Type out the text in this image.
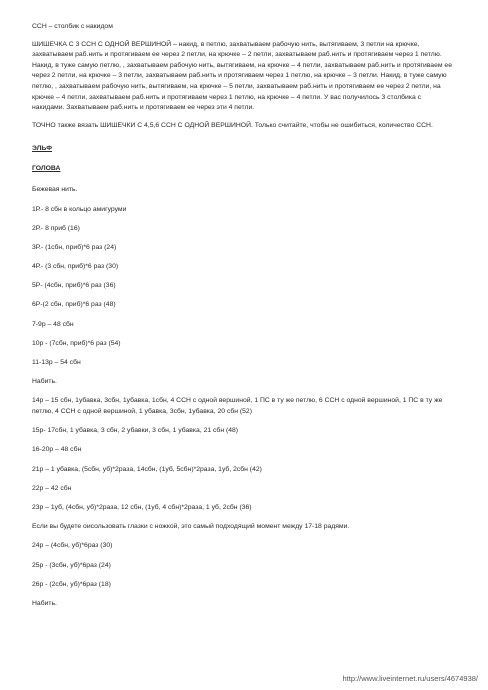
ССН – столбик с накидом

ШИШЕЧКА С 3 ССН С ОДНОЙ ВЕРШИНОЙ – накид, в петлю, захватываем рабочую нить, вытягиваем, 3 петли на крючке, захватываем раб.нить и протягиваем ее через 2 петли, на крючке – 2 петли, захватываем раб.нить и протягиваем через 1 петлю. Накид, в туже самую петлю, , захватываем рабочую нить, вытягиваем, на крючке – 4 петли, захватываем раб.нить и протягиваем ее через 2 петли, на крючке – 3 петли, захватываем раб.нить и протягиваем через 1 петлю, на крючке – 3 петли. Накид, в туже самую петлю, , захватываем рабочую нить, вытягиваем, на крючке – 5 петли, захватываем раб.нить и протягиваем ее через 2 петли, на крючке – 4 петли, захватываем раб.нить и протягиваем через 1 петлю, на крючке – 4 петли. У вас получилось 3 столбика с накидами. Захватываем раб.нить и протягиваем ее через эти 4 петли.

ТОЧНО также вязать ШИШЕЧКИ С 4,5,6 ССН С ОДНОЙ ВЕРШИНОЙ. Только считайте, чтобы не ошибиться, количество ССН.

ЭЛЬФ

ГОЛОВА

Бежевая нить.

1Р.- 8 сбн в кольцо амигуруми

2Р.- 8 приб (16)

3Р.- (1сбн, приб)*6 раз (24)

4Р.- (3 сбн, приб)*6 раз (30)

5Р- (4сбн, приб)*6 раз (36)

6Р-(2 сбн, приб)*6 раз (48)

7-9р – 48 сбн

10р - (7сбн, приб)*6 раз (54)

11-13р – 54 сбн

Набить.

14р – 15 сбн, 1убавка, 3сбн, 1убавка, 1сбн, 4 ССН с одной вершиной, 1 ПС в ту же петлю, 6 ССН с одной вершиной, 1 ПС в ту же петлю, 4 ССН с одной вершиной, 1 убавка, 3сбн, 1убавка, 20 сбн (52)

15р- 17сбн, 1 убавка, 3 сбн, 2 убавки, 3 сбн, 1 убавка, 21 сбн (48)

16-20р – 48 сбн

21р – 1 убавка, (5сбн, уб)*2раза, 14сбн, (1уб, 5сбн)*2раза, 1уб, 2сбн (42)

22р – 42 сбн

23р – 1уб, (4сбн, уб)*2раза, 12 сбн, (1уб, 4 сбн)*2раза, 1 уб, 2сбн (36)

Если вы будете оисользовать глазки с ножкой, это самый подходящий момент между 17-18 радями.

24р – (4сбн, уб)*6раз (30)

25р - (3сбн, уб)*6раз (24)

26р - (2сбн, уб)*6раз (18)

Набить.

http://www.liveinternet.ru/users/4674938/
